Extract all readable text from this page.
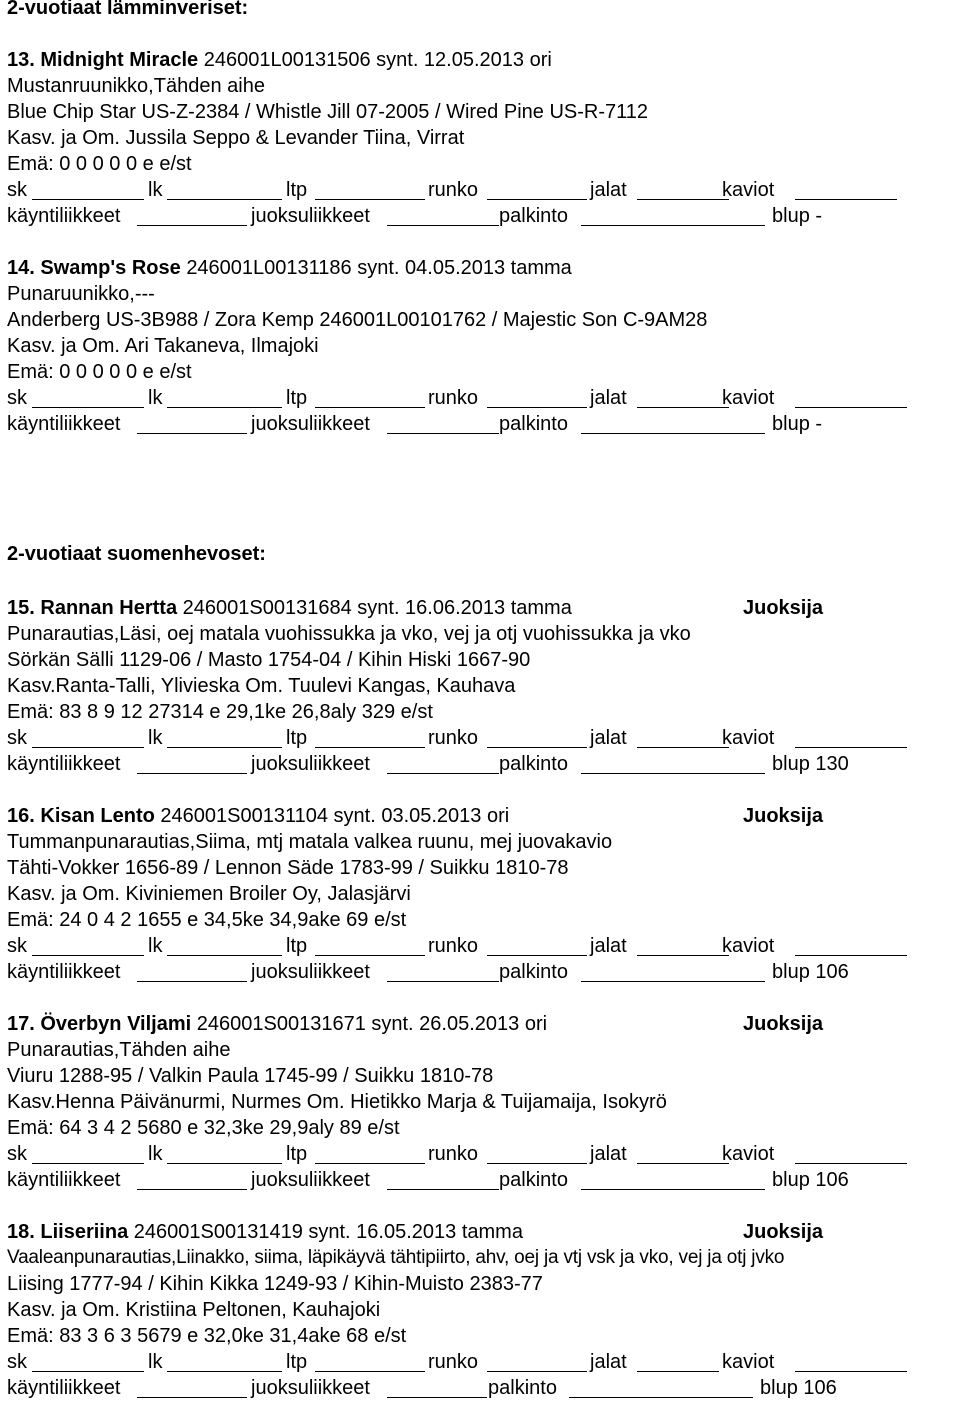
2-vuotiaat lämminveriset:
13. Midnight Miracle 246001L00131506 synt. 12.05.2013 ori
Mustanruunikko,Tähden aihe
Blue Chip Star US-Z-2384 / Whistle Jill 07-2005 / Wired Pine US-R-7112
Kasv. ja Om. Jussila Seppo & Levander Tiina, Virrat
Emä: 0 0 0 0 0 e e/st
sk	lk	ltp	runko	jalat	kaviot
käyntiliikkeet	juoksuliikkeet	palkinto	blup -
14. Swamp's Rose 246001L00131186 synt. 04.05.2013 tamma
Punaruunikko,---
Anderberg US-3B988 / Zora Kemp 246001L00101762 / Majestic Son C-9AM28
Kasv. ja Om. Ari Takaneva, Ilmajoki
Emä: 0 0 0 0 0 e e/st
sk	lk	ltp	runko	jalat	kaviot
käyntiliikkeet	juoksuliikkeet	palkinto	blup -
2-vuotiaat suomenhevoset:
15. Rannan Hertta 246001S00131684 synt. 16.06.2013 tamma	Juoksija
Punarautias,Läsi, oej matala vuohissukka ja vko, vej ja otj vuohissukka ja vko
Sörkän Sälli 1129-06 / Masto 1754-04 / Kihin Hiski 1667-90
Kasv.Ranta-Talli, Ylivieska Om. Tuulevi Kangas, Kauhava
Emä: 83 8 9 12 27314 e 29,1ke 26,8aly 329 e/st
sk	lk	ltp	runko	jalat	kaviot
käyntiliikkeet	juoksuliikkeet	palkinto	blup 130
16. Kisan Lento 246001S00131104 synt. 03.05.2013 ori	Juoksija
Tummanpunarautias,Siima, mtj matala valkea ruunu, mej juovakavio
Tähti-Vokker 1656-89 / Lennon Säde 1783-99 / Suikku 1810-78
Kasv. ja Om. Kiviniemen Broiler Oy, Jalasjärvi
Emä: 24 0 4 2 1655 e 34,5ke 34,9ake 69 e/st
sk	lk	ltp	runko	jalat	kaviot
käyntiliikkeet	juoksuliikkeet	palkinto	blup 106
17. Överbyn Viljami 246001S00131671 synt. 26.05.2013 ori	Juoksija
Punarautias,Tähden aihe
Viuru 1288-95 / Valkin Paula 1745-99 / Suikku 1810-78
Kasv.Henna Päivänurmi, Nurmes Om. Hietikko Marja & Tuijamaija, Isokyrö
Emä: 64 3 4 2 5680 e 32,3ke 29,9aly 89 e/st
sk	lk	ltp	runko	jalat	kaviot
käyntiliikkeet	juoksuliikkeet	palkinto	blup 106
18. Liiseriina 246001S00131419 synt. 16.05.2013 tamma	Juoksija
Vaaleanpunarautias,Liinakko, siima, läpikäyvä tähtipiirto, ahv, oej ja vtj vsk ja vko, vej ja otj jvko
Liising 1777-94 / Kihin Kikka 1249-93 / Kihin-Muisto 2383-77
Kasv. ja Om. Kristiina Peltonen, Kauhajoki
Emä: 83 3 6 3 5679 e 32,0ke 31,4ake 68 e/st
sk	lk	ltp	runko	jalat	kaviot
käyntiliikkeet	juoksuliikkeet	palkinto	blup 106
